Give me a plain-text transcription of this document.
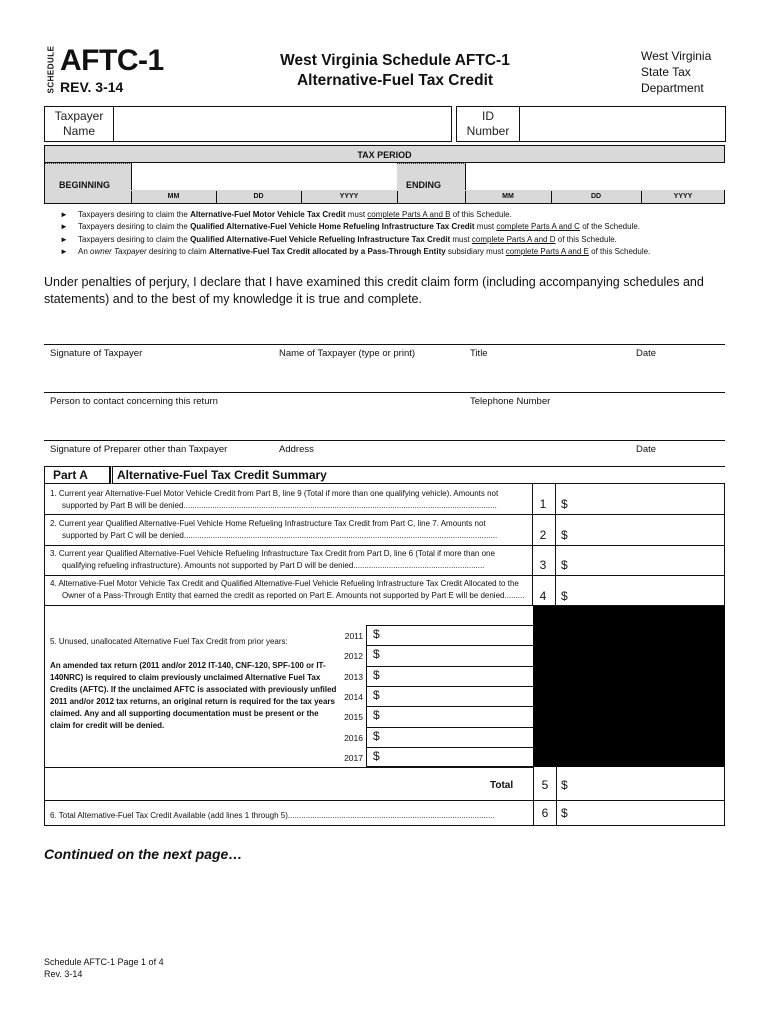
SCHEDULE AFTC-1
REV. 3-14
West Virginia Schedule AFTC-1
Alternative-Fuel Tax Credit
West Virginia
State Tax
Department
Taxpayer
Name
ID
Number
TAX PERIOD
BEGINNING	ENDING
MM	DD	YYYY	MM	DD	YYYY
► Taxpayers desiring to claim the Alternative-Fuel Motor Vehicle Tax Credit must complete Parts A and B of this Schedule.
► Taxpayers desiring to claim the Qualified Alternative-Fuel Vehicle Home Refueling Infrastructure Tax Credit must complete Parts A and C of the Schedule.
► Taxpayers desiring to claim the Qualified Alternative-Fuel Vehicle Refueling Infrastructure Tax Credit must complete Parts A and D of this Schedule.
► An owner Taxpayer desiring to claim Alternative-Fuel Tax Credit allocated by a Pass-Through Entity subsidiary must complete Parts A and E of this Schedule.
Under penalties of perjury, I declare that I have examined this credit claim form (including accompanying schedules and statements) and to the best of my knowledge it is true and complete.
Signature of Taxpayer	Name of Taxpayer (type or print)	Title	Date
Person to contact concerning this return	Telephone Number
Signature of Preparer other than Taxpayer	Address	Date
Part A	Alternative-Fuel Tax Credit Summary
1. Current year Alternative-Fuel Motor Vehicle Credit from Part B, line 9 (Total if more than one qualifying vehicle). Amounts not
supported by Part B will be denied.............................................................................................................................................	1	$
2. Current year Qualified Alternative-Fuel Vehicle Home Refueling Infrastructure Tax Credit from Part C, line 7. Amounts not
supported by Part C will be denied.............................................................................................................................................	2	$
3. Current year Qualified Alternative-Fuel Vehicle Refueling Infrastructure Tax Credit from Part D, line 6 (Total if more than one
qualifying refueling infrastructure). Amounts not supported by Part D will be denied...........................................................	3	$
4. Alternative-Fuel Motor Vehicle Tax Credit and Qualified Alternative-Fuel Vehicle Refueling Infrastructure Tax Credit Allocated to the
Owner of a Pass-Through Entity that earned the credit as reported on Part E. Amounts not supported by Part E will be denied.........	4	$
5. Unused, unallocated Alternative Fuel Tax Credit from prior years:
An amended tax return (2011 and/or 2012 IT-140, CNF-120, SPF-100 or IT-140NRC) is required to claim previously unclaimed Alternative Fuel Tax Credits (AFTC). If the unclaimed AFTC is associated with previously unfiled 2011 and/or 2012 tax returns, an original return is required for the tax years claimed. Any and all supporting documentation must be present or the claim for credit will be denied.
2011 $
2012 $
2013 $
2014 $
2015 $
2016 $
2017 $
Total	5	$
6. Total Alternative-Fuel Tax Credit Available (add lines 1 through 5).............................................................................................	6	$
Continued on the next page…
Schedule AFTC-1 Page 1 of 4
Rev. 3-14
